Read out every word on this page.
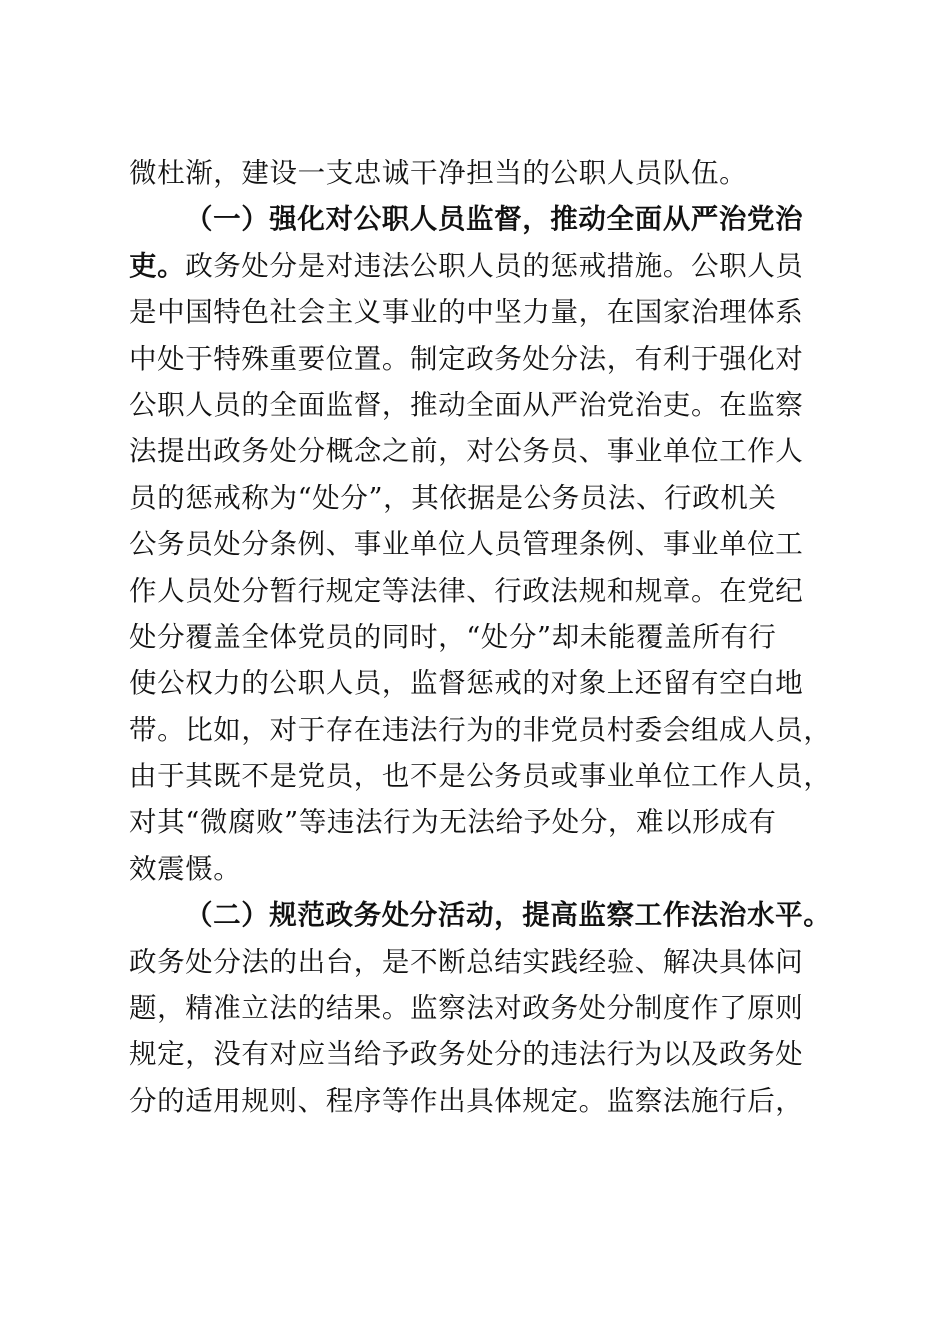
微杜渐，建设一支忠诚干净担当的公职人员队伍。
（一）强化对公职人员监督，推动全面从严治党治
吏。政务处分是对违法公职人员的惩戒措施。公职人员
是中国特色社会主义事业的中坚力量，在国家治理体系
中处于特殊重要位置。制定政务处分法，有利于强化对
公职人员的全面监督，推动全面从严治党治吏。在监察
法提出政务处分概念之前，对公务员、事业单位工作人
员的惩戒称为“处分”，其依据是公务员法、行政机关
公务员处分条例、事业单位人员管理条例、事业单位工
作人员处分暂行规定等法律、行政法规和规章。在党纪
处分覆盖全体党员的同时，“处分”却未能覆盖所有行
使公权力的公职人员，监督惩戒的对象上还留有空白地
带。比如，对于存在违法行为的非党员村委会组成人员，
由于其既不是党员，也不是公务员或事业单位工作人员，
对其“微腐败”等违法行为无法给予处分，难以形成有
效震慑。
（二）规范政务处分活动，提高监察工作法治水平。
政务处分法的出台，是不断总结实践经验、解决具体问
题，精准立法的结果。监察法对政务处分制度作了原则
规定，没有对应当给予政务处分的违法行为以及政务处
分的适用规则、程序等作出具体规定。监察法施行后，
